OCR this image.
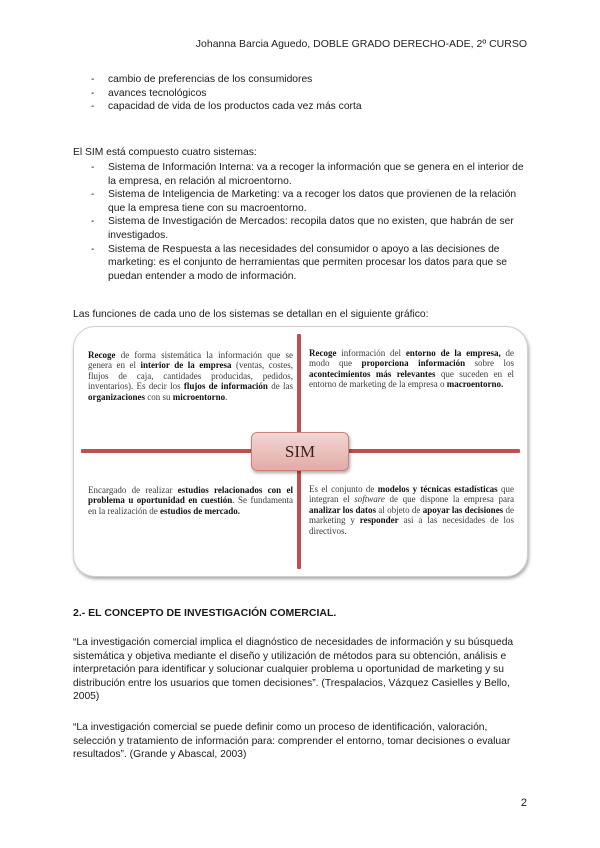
Johanna Barcia Aguedo, DOBLE GRADO DERECHO-ADE, 2º CURSO
- cambio de preferencias de los consumidores
- avances tecnológicos
- capacidad de vida de los productos cada vez más corta

El SIM está compuesto cuatro sistemas:

- Sistema de Información Interna: va a recoger la información que se genera en el interior de la empresa, en relación al microentorno.
- Sistema de Inteligencia de Marketing: va a recoger los datos que provienen de la relación que la empresa tiene con su macroentorno.
- Sistema de Investigación de Mercados: recopila datos que no existen, que habrán de ser investigados.
- Sistema de Respuesta a las necesidades del consumidor o apoyo a las decisiones de marketing: es el conjunto de herramientas que permiten procesar los datos para que se puedan entender a modo de información.

Las funciones de cada uno de los sistemas se detallan en el siguiente gráfico:

Recoge de forma sistemática la información que se genera en el interior de la empresa (ventas, costes, flujos de caja, cantidades producidas, pedidos, inventarios). Es decir los flujos de información de las organizaciones con su microentorno.
Recoge información del entorno de la empresa, de modo que proporciona información sobre los acontecimientos más relevantes que suceden en el entorno de marketing de la empresa o macroentorno.
Encargado de realizar estudios relacionados con el problema u oportunidad en cuestión. Se fundamenta en la realización de estudios de mercado.
Es el conjunto de modelos y técnicas estadísticas que integran el software de que dispone la empresa para analizar los datos al objeto de apoyar las decisiones de marketing y responder así a las necesidades de los directivos.
SIM
2.- EL CONCEPTO DE INVESTIGACIÓN COMERCIAL.

“La investigación comercial implica el diagnóstico de necesidades de información y su búsqueda sistemática y objetiva mediante el diseño y utilización de métodos para su obtención, análisis e interpretación para identificar y solucionar cualquier problema u oportunidad de marketing y su distribución entre los usuarios que tomen decisiones”. (Trespalacios, Vázquez Casielles y Bello, 2005)

“La investigación comercial se puede definir como un proceso de identificación, valoración, selección y tratamiento de información para: comprender el entorno, tomar decisiones o evaluar resultados”. (Grande y Abascal, 2003)

2
